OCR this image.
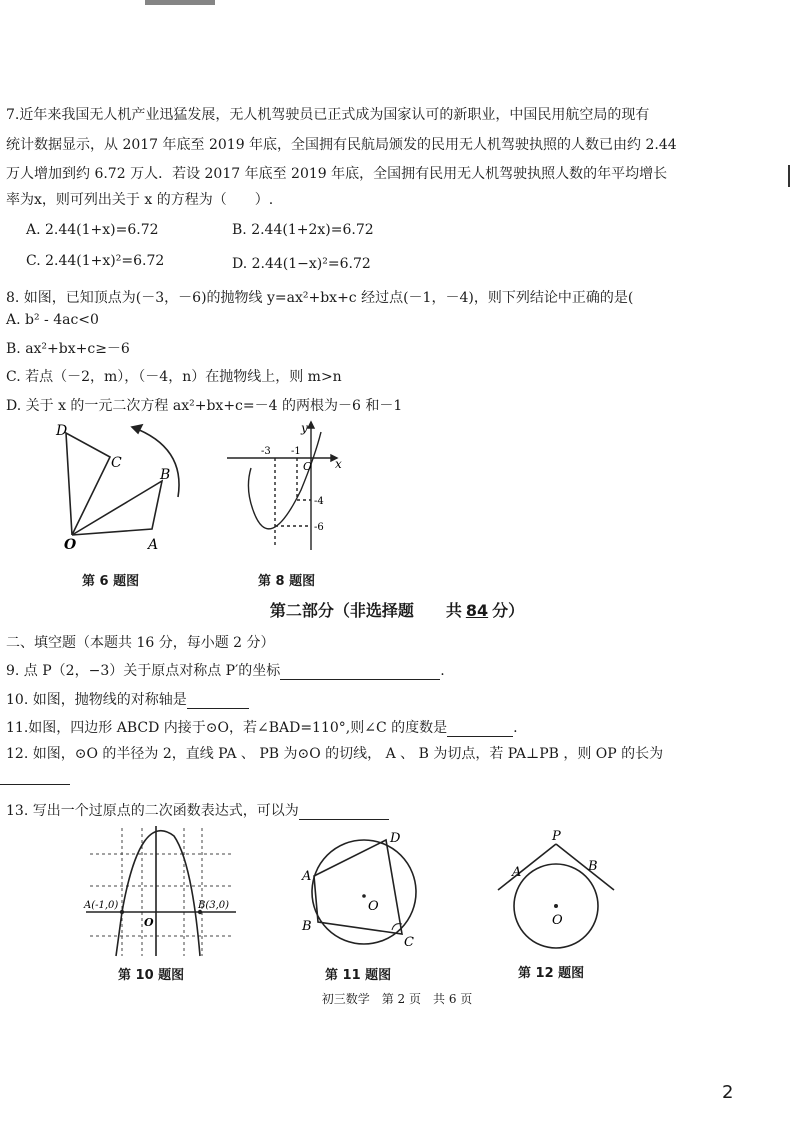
7.近年来我国无人机产业迅猛发展，无人机驾驶员已正式成为国家认可的新职业，中国民用航空局的现有
统计数据显示，从 2017 年底至 2019 年底，全国拥有民航局颁发的民用无人机驾驶执照的人数已由约 2.44
万人增加到约 6.72 万人．若设 2017 年底至 2019 年底，全国拥有民用无人机驾驶执照人数的年平均增长
率为x，则可列出关于 x 的方程为（　　）.
A. 2.44(1+x)=6.72	B. 2.44(1+2x)=6.72
C. 2.44(1+x)²=6.72	D. 2.44(1−x)²=6.72
8. 如图，已知顶点为(－3，－6)的抛物线 y=ax²+bx+c 经过点(－1，－4)，则下列结论中正确的是(
A. b² - 4ac<0
B. ax²+bx+c≥－6
C. 若点（－2，m），（－4，n）在抛物线上，则 m>n
D. 关于 x 的一元二次方程 ax²+bx+c=－4 的两根为－6 和－1
D
C
B
O	A
y
x
O
-3 -1
-4
-6
第 6 题图	第 8 题图
第二部分（非选择题　　共 84 分）
二、填空题（本题共 16 分，每小题 2 分）
9. 点 P（2，−3）关于原点对称点 P′的坐标	.
10. 如图，抛物线的对称轴是
11.如图，四边形 ABCD 内接于⊙O，若∠BAD=110°,则∠C 的度数是	.
12. 如图，⊙O 的半径为 2，直线 PA 、 PB 为⊙O 的切线， A 、 B 为切点，若 PA⊥PB ，则 OP 的长为
13. 写出一个过原点的二次函数表达式，可以为
A(-1,0)	B(3,0)
O
A
D
B
C
O
P
A	B
O
第 10 题图	第 11 题图	第 12 题图
初三数学　第 2 页　共 6 页
2
